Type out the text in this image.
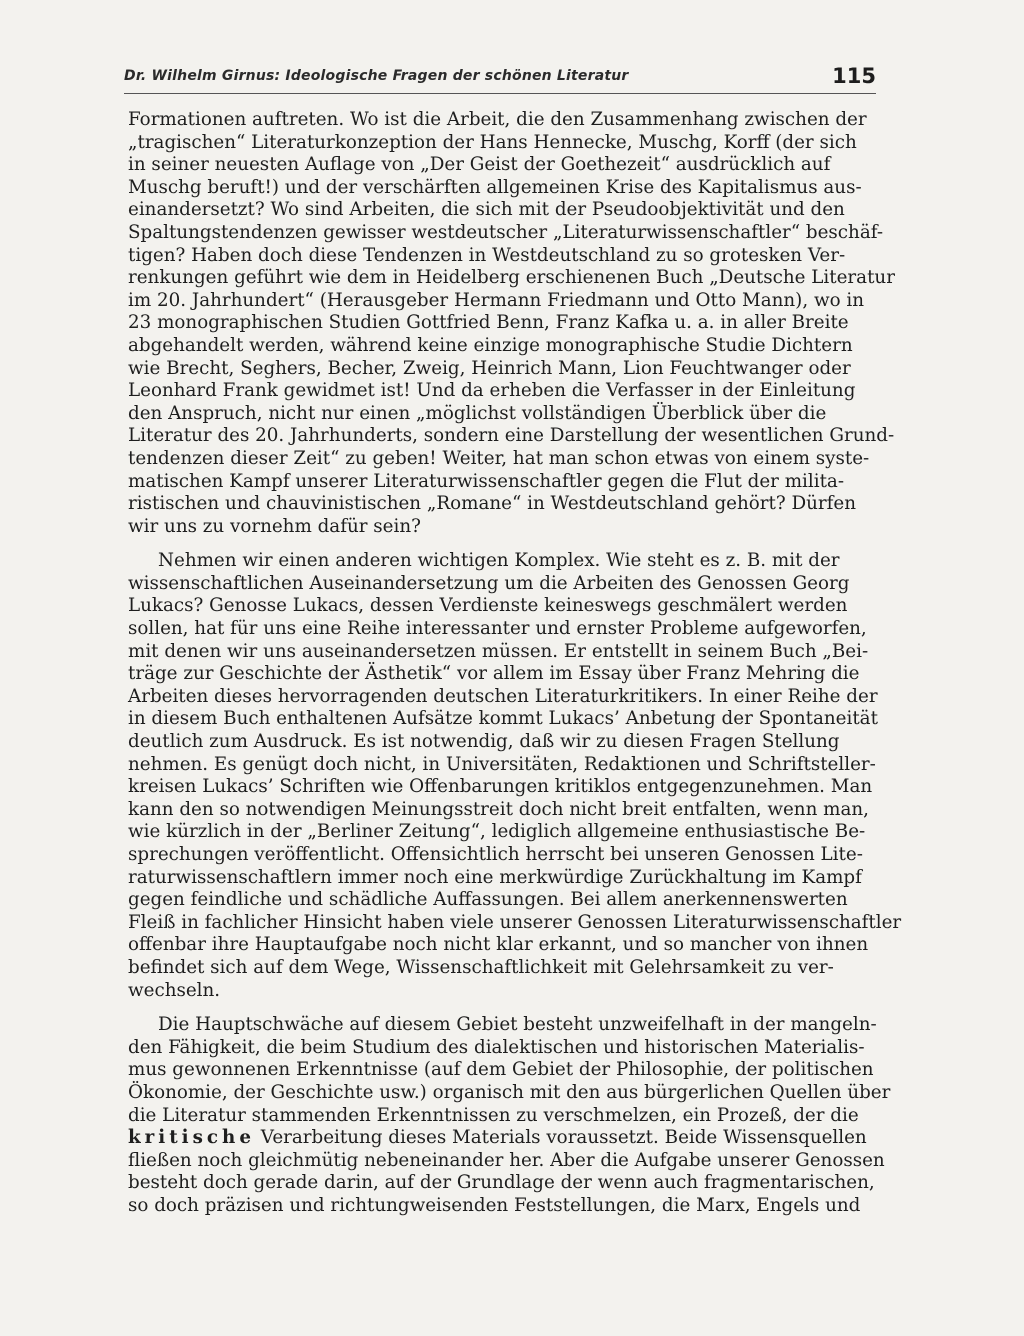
Dr. Wilhelm Girnus: Ideologische Fragen der schönen Literatur	115

Formationen auftreten. Wo ist die Arbeit, die den Zusammenhang zwischen der
„tragischen“ Literaturkonzeption der Hans Hennecke, Muschg, Korff (der sich
in seiner neuesten Auflage von „Der Geist der Goethezeit“ ausdrücklich auf
Muschg beruft!) und der verschärften allgemeinen Krise des Kapitalismus aus-
einandersetzt? Wo sind Arbeiten, die sich mit der Pseudoobjektivität und den
Spaltungstendenzen gewisser westdeutscher „Literaturwissenschaftler“ beschäf-
tigen? Haben doch diese Tendenzen in Westdeutschland zu so grotesken Ver-
renkungen geführt wie dem in Heidelberg erschienenen Buch „Deutsche Literatur
im 20. Jahrhundert“ (Herausgeber Hermann Friedmann und Otto Mann), wo in
23 monographischen Studien Gottfried Benn, Franz Kafka u. a. in aller Breite
abgehandelt werden, während keine einzige monographische Studie Dichtern
wie Brecht, Seghers, Becher, Zweig, Heinrich Mann, Lion Feuchtwanger oder
Leonhard Frank gewidmet ist! Und da erheben die Verfasser in der Einleitung
den Anspruch, nicht nur einen „möglichst vollständigen Überblick über die
Literatur des 20. Jahrhunderts, sondern eine Darstellung der wesentlichen Grund-
tendenzen dieser Zeit“ zu geben! Weiter, hat man schon etwas von einem syste-
matischen Kampf unserer Literaturwissenschaftler gegen die Flut der milita-
ristischen und chauvinistischen „Romane“ in Westdeutschland gehört? Dürfen
wir uns zu vornehm dafür sein?

Nehmen wir einen anderen wichtigen Komplex. Wie steht es z. B. mit der
wissenschaftlichen Auseinandersetzung um die Arbeiten des Genossen Georg
Lukacs? Genosse Lukacs, dessen Verdienste keineswegs geschmälert werden
sollen, hat für uns eine Reihe interessanter und ernster Probleme aufgeworfen,
mit denen wir uns auseinandersetzen müssen. Er entstellt in seinem Buch „Bei-
träge zur Geschichte der Ästhetik“ vor allem im Essay über Franz Mehring die
Arbeiten dieses hervorragenden deutschen Literaturkritikers. In einer Reihe der
in diesem Buch enthaltenen Aufsätze kommt Lukacs’ Anbetung der Spontaneität
deutlich zum Ausdruck. Es ist notwendig, daß wir zu diesen Fragen Stellung
nehmen. Es genügt doch nicht, in Universitäten, Redaktionen und Schriftsteller-
kreisen Lukacs’ Schriften wie Offenbarungen kritiklos entgegenzunehmen. Man
kann den so notwendigen Meinungsstreit doch nicht breit entfalten, wenn man,
wie kürzlich in der „Berliner Zeitung“, lediglich allgemeine enthusiastische Be-
sprechungen veröffentlicht. Offensichtlich herrscht bei unseren Genossen Lite-
raturwissenschaftlern immer noch eine merkwürdige Zurückhaltung im Kampf
gegen feindliche und schädliche Auffassungen. Bei allem anerkennenswerten
Fleiß in fachlicher Hinsicht haben viele unserer Genossen Literaturwissenschaftler
offenbar ihre Hauptaufgabe noch nicht klar erkannt, und so mancher von ihnen
befindet sich auf dem Wege, Wissenschaftlichkeit mit Gelehrsamkeit zu ver-
wechseln.

Die Hauptschwäche auf diesem Gebiet besteht unzweifelhaft in der mangeln-
den Fähigkeit, die beim Studium des dialektischen und historischen Materialis-
mus gewonnenen Erkenntnisse (auf dem Gebiet der Philosophie, der politischen
Ökonomie, der Geschichte usw.) organisch mit den aus bürgerlichen Quellen über
die Literatur stammenden Erkenntnissen zu verschmelzen, ein Prozeß, der die
kritische Verarbeitung dieses Materials voraussetzt. Beide Wissensquellen
fließen noch gleichmütig nebeneinander her. Aber die Aufgabe unserer Genossen
besteht doch gerade darin, auf der Grundlage der wenn auch fragmentarischen,
so doch präzisen und richtungweisenden Feststellungen, die Marx, Engels und
